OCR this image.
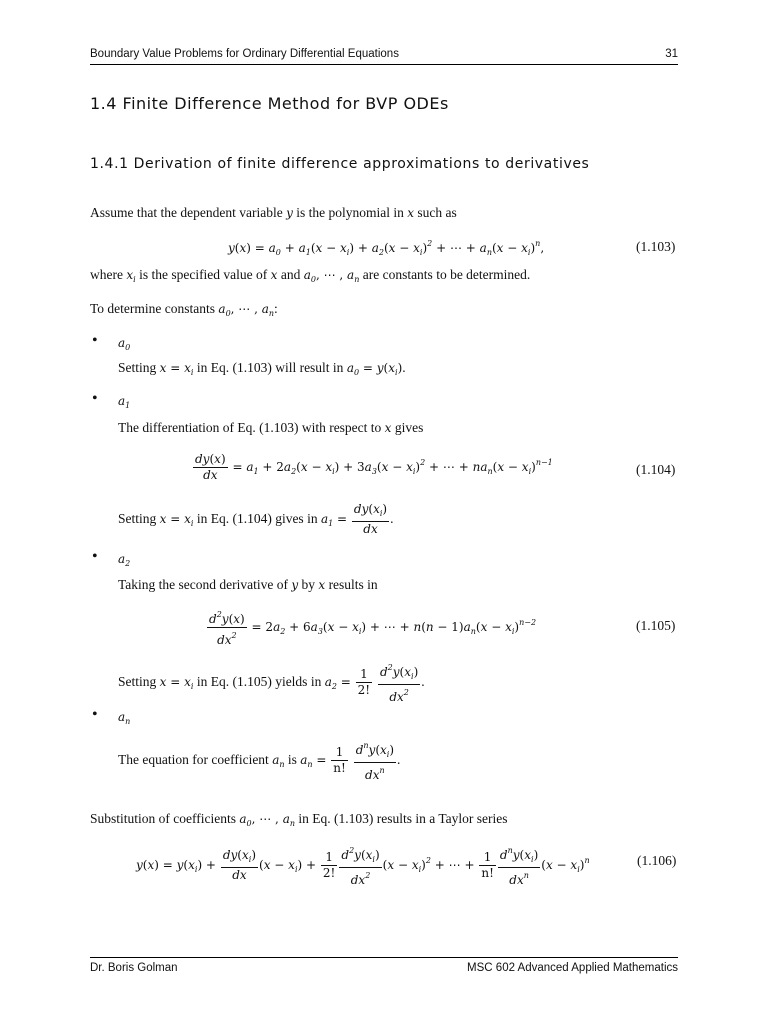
Boundary Value Problems for Ordinary Differential Equations	31
1.4 Finite Difference Method for BVP ODEs
1.4.1 Derivation of finite difference approximations to derivatives
Assume that the dependent variable y is the polynomial in x such as
$y(x) = a_0 + a_1(x - x_i) + a_2(x - x_i)^2$ + ⋯ + $a_n(x - x_i)^n$,	(1.103)
where $x_i$ is the specified value of x and $a_0$, ⋯ , $a_n$ are constants to be determined.
To determine constants $a_0$, ⋯ , $a_n$:
• $a_0$
Setting $x = x_i$ in Eq. (1.103) will result in $a_0 = y(x_i)$.
• $a_1$
The differentiation of Eq. (1.103) with respect to x gives
$\frac{dy(x)}{dx} = a_1 + 2a_2(x - x_i) + 3a_3(x - x_i)^2$ + ⋯ + $na_n(x - x_i)^{n-1}$	(1.104)
Setting $x = x_i$ in Eq. (1.104) gives in $a_1 = \frac{dy(x_i)}{dx}$ .
• $a_2$
Taking the second derivative of y by x results in
$\frac{d^2y(x)}{dx^2} = 2a_2 + 6a_3(x - x_i)$ + ⋯ + $n(n - 1)a_n(x - x_i)^{n-2}$	(1.105)
Setting $x = x_i$ in Eq. (1.105) yields in $a_2 = \frac{1}{2!}$
$\frac{d^2y(x_i)}{dx^2}$ .
• $a_n$
The equation for coefficient $a_n$ is $a_n = \frac{1}{n!}$
$\frac{d^ny(x_i)}{dx^n}$ .
Substitution of coefficients $a_0$, ⋯ , $a_n$ in Eq. (1.103) results in a Taylor series
$y(x) = y(x_i) + \frac{dy(x_i)}{dx} (x - x_i) + \frac{1}{2!} \frac{d^2y(x_i)}{dx^2} (x - x_i)^2$ + ⋯ + $\frac{1}{n!} \frac{d^ny(x_i)}{dx^n} (x - x_i)^n$	(1.106)
Dr. Boris Golman	MSC 602 Advanced Applied Mathematics
